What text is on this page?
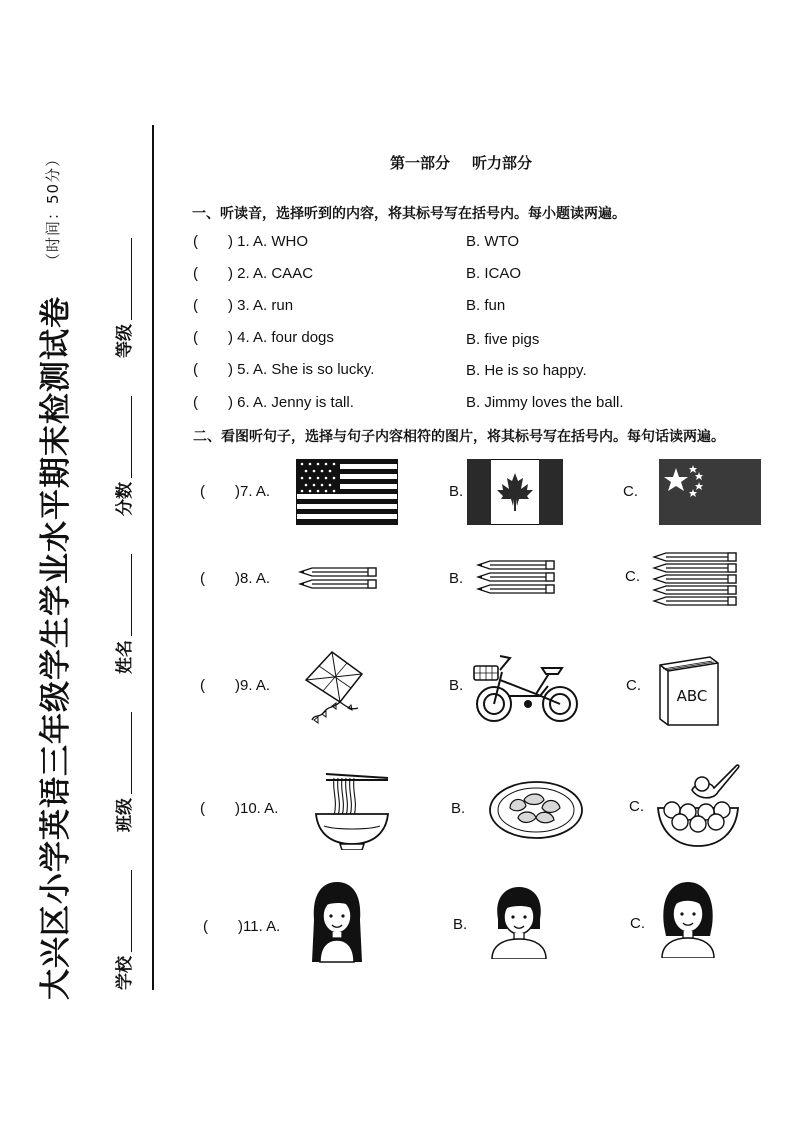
大兴区小学英语三年级学生学业水平期末检测试卷
（时间：50分）
学校
班级
姓名
分数
等级
第一部分 听力部分
一、听读音，选择听到的内容，将其标号写在括号内。每小题读两遍。
( ) 1. A. WHO	B. WTO
( ) 2. A. CAAC	B. ICAO
( ) 3. A. run	B. fun
( ) 4. A. four dogs	B. five pigs
( ) 5. A. She is so lucky.	B. He is so happy.
( ) 6. A. Jenny is tall.	B. Jimmy loves the ball.
二、看图听句子，选择与句子内容相符的图片，将其标号写在括号内。每句话读两遍。
( )7. A.	B.	C.
( )8. A.	B.	C.
( )9. A.	B.	C.
ABC
( )10. A.	B.	C.
( )11. A.	B.	C.
